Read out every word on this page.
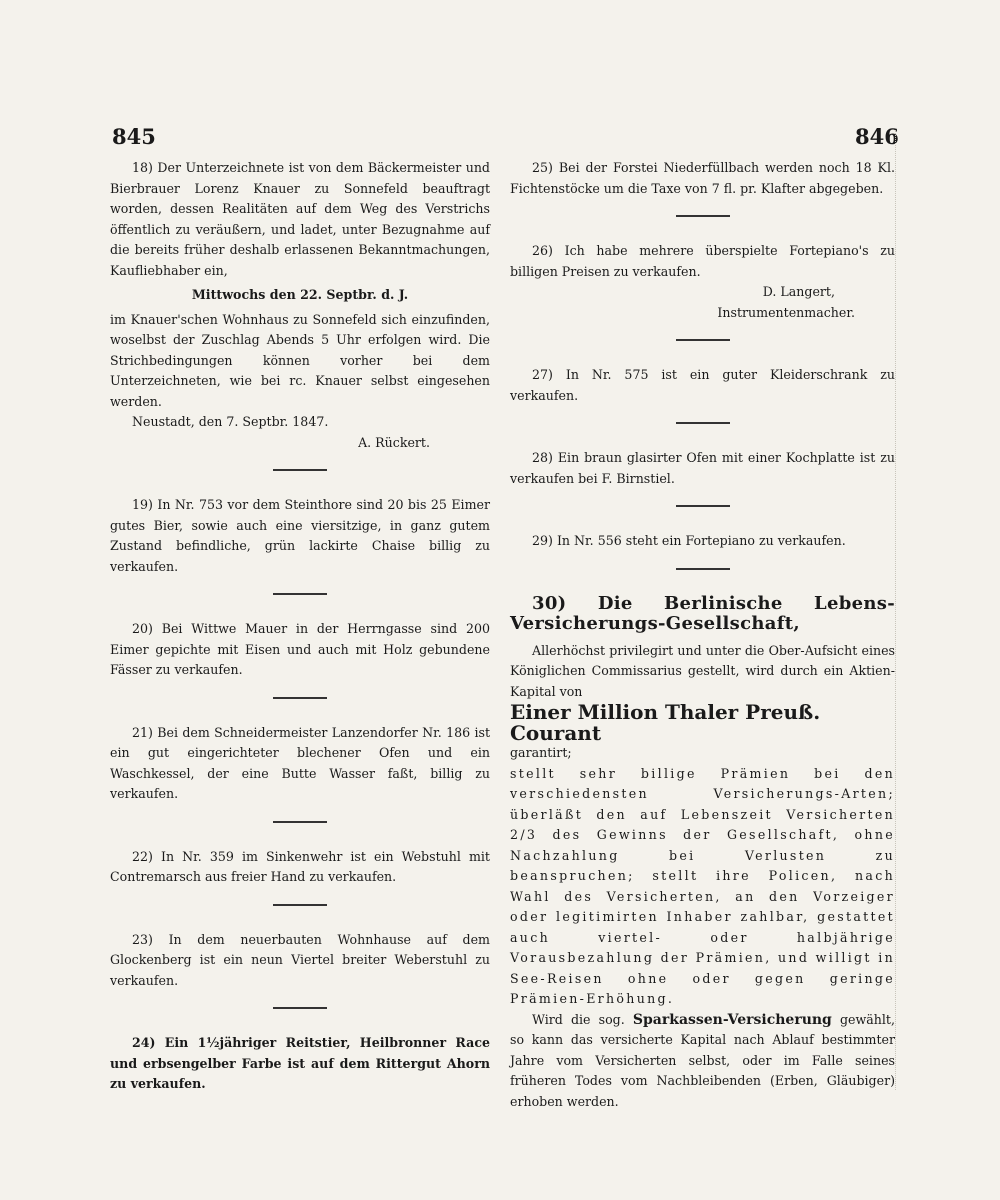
845	846

18) Der Unterzeichnete ist von dem Bäckermeister und Bierbrauer Lorenz Knauer zu Sonnefeld beauftragt worden, dessen Realitäten auf dem Weg des Verstrichs öffentlich zu veräußern, und ladet, unter Bezugnahme auf die bereits früher deshalb erlassenen Bekanntmachungen, Kaufliebhaber ein,

Mittwochs den 22. Septbr. d. J.

im Knauer'schen Wohnhaus zu Sonnefeld sich einzufinden, woselbst der Zuschlag Abends 5 Uhr erfolgen wird. Die Strichbedingungen können vorher bei dem Unterzeichneten, wie bei rc. Knauer selbst eingesehen werden.

Neustadt, den 7. Septbr. 1847.

A. Rückert.

19) In Nr. 753 vor dem Steinthore sind 20 bis 25 Eimer gutes Bier, sowie auch eine viersitzige, in ganz gutem Zustand befindliche, grün lackirte Chaise billig zu verkaufen.

20) Bei Wittwe Mauer in der Herrngasse sind 200 Eimer gepichte mit Eisen und auch mit Holz gebundene Fässer zu verkaufen.

21) Bei dem Schneidermeister Lanzendorfer Nr. 186 ist ein gut eingerichteter blechener Ofen und ein Waschkessel, der eine Butte Wasser faßt, billig zu verkaufen.

22) In Nr. 359 im Sinkenwehr ist ein Webstuhl mit Contremarsch aus freier Hand zu verkaufen.

23) In dem neuerbauten Wohnhause auf dem Glockenberg ist ein neun Viertel breiter Weberstuhl zu verkaufen.

24) Ein 1½jähriger Reitstier, Heilbronner Race und erbsengelber Farbe ist auf dem Rittergut Ahorn zu verkaufen.

25) Bei der Forstei Niederfüllbach werden noch 18 Kl. Fichtenstöcke um die Taxe von 7 fl. pr. Klafter abgegeben.

26) Ich habe mehrere überspielte Fortepiano's zu billigen Preisen zu verkaufen.

D. Langert,

Instrumentenmacher.

27) In Nr. 575 ist ein guter Kleiderschrank zu verkaufen.

28) Ein braun glasirter Ofen mit einer Kochplatte ist zu verkaufen bei F. Birnstiel.

29) In Nr. 556 steht ein Fortepiano zu verkaufen.

30) Die Berlinische Lebens-Versicherungs-Gesellschaft,

Allerhöchst privilegirt und unter die Ober-Aufsicht eines Königlichen Commissarius gestellt, wird durch ein Aktien-Kapital von

Einer Million Thaler Preuß. Courant

garantirt;

stellt sehr billige Prämien bei den verschiedensten Versicherungs-Arten; überläßt den auf Lebenszeit Versicherten 2/3 des Gewinns der Gesellschaft, ohne Nachzahlung bei Verlusten zu beanspruchen; stellt ihre Policen, nach Wahl des Versicherten, an den Vorzeiger oder legitimirten Inhaber zahlbar, gestattet auch viertel- oder halbjährige Vorausbezahlung der Prämien, und willigt in See-Reisen ohne oder gegen geringe Prämien-Erhöhung.

Wird die sog. Sparkassen-Versicherung gewählt, so kann das versicherte Kapital nach Ablauf bestimmter Jahre vom Versicherten selbst, oder im Falle seines früheren Todes vom Nachbleibenden (Erben, Gläubiger) erhoben werden.
